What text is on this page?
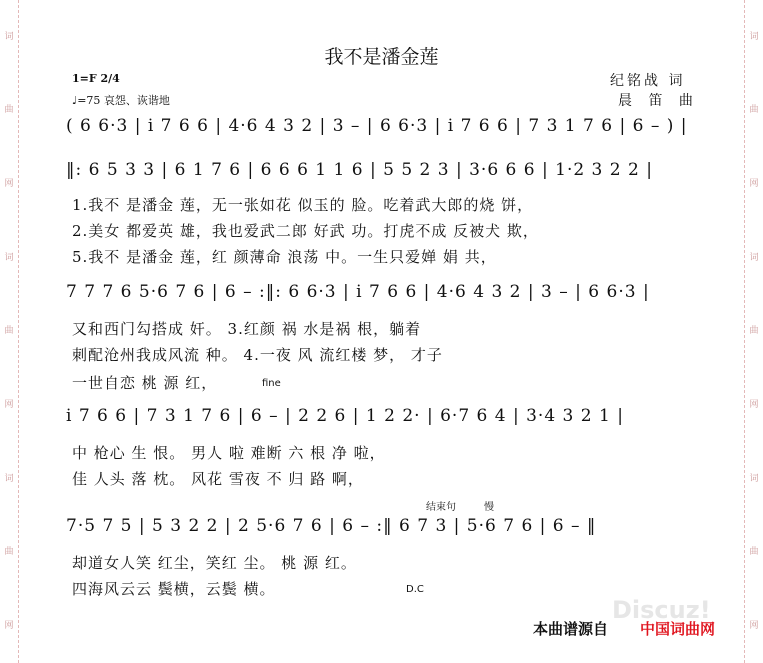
词
曲
网
词
曲
网
词
曲
网
词
曲
网
词
曲
网
词
曲
网
我不是潘金莲
1=F 2/4
♩=75 哀怨、诙谐地
纪铭战 词
晨 笛 曲
( 6 6·3 | i 7 6 6 | 4·6 4 3 2 | 3 – | 6 6·3 | i 7 6 6 | 7 3 1 7 6 | 6 – ) |
‖: 6 5 3 3 | 6 1 7 6 | 6 6 6 1 1 6 | 5 5 2 3 | 3·6 6 6 | 1·2 3 2 2 |
1.我不 是潘金 莲，无一张如花 似玉的 脸。吃着武大郎的烧 饼，
2.美女 都爱英 雄，我也爱武二郎 好武 功。打虎不成 反被犬 欺，
5.我不 是潘金 莲，红 颜薄命 浪荡 中。一生只爱婵 娟 共，
7 7 7 6 5·6 7 6 | 6 – :‖: 6 6·3 | i 7 6 6 | 4·6 4 3 2 | 3 – | 6 6·3 |
又和西门勾搭成 奸。 3.红颜 祸 水是祸 根，躺着
刺配沧州我成风流 种。 4.一夜 风 流红楼 梦， 才子
一世自恋 桃 源 红，	fine
i 7 6 6 | 7 3 1 7 6 | 6 – | 2 2 6 | 1 2 2· | 6·7 6 4 | 3·4 3 2 1 |
中 枪心 生 恨。 男人 啦 难断 六 根 净 啦，
佳 人头 落 枕。 风花 雪夜 不 归 路 啊，
结束句	慢
7·5 7 5 | 5 3 2 2 | 2 5·6 7 6 | 6 – :‖ 6 7 3 | 5·6 7 6 | 6 – ‖
却道女人笑 红尘，笑红 尘。 桃 源 红。
四海风云云 鬓横，云鬓 横。	D.C
Discuz!
本曲谱源自 中国词曲网
